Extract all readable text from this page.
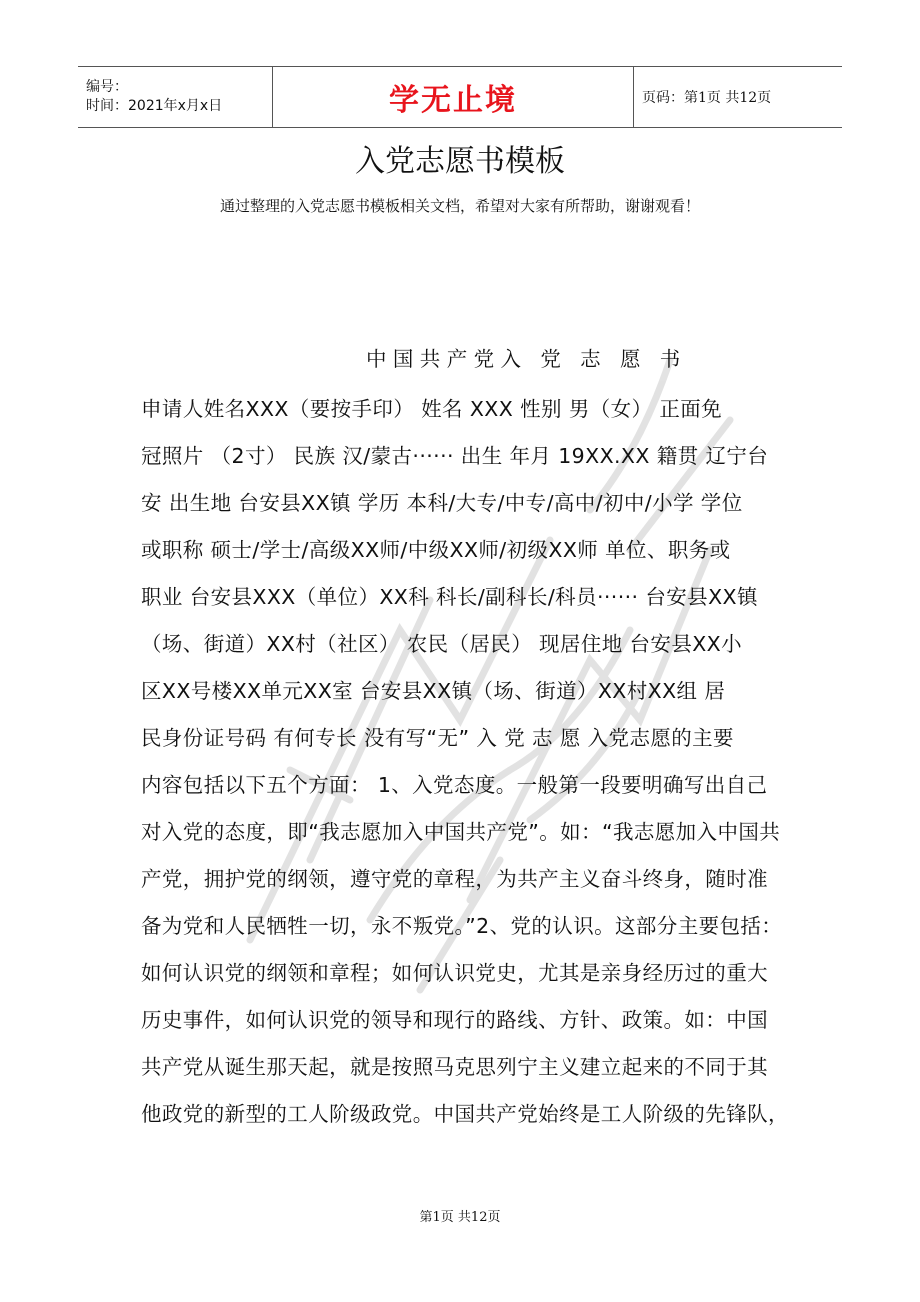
编号：
时间：2021年x月x日	学无止境	页码：第1页 共12页
入党志愿书模板
通过整理的入党志愿书模板相关文档，希望对大家有所帮助，谢谢观看！
中国共产党入 党 志 愿 书
申请人姓名XXX（要按手印） 姓名 XXX 性别 男（女） 正面免
冠照片 （2寸） 民族 汉/蒙古······ 出生 年月 19XX.XX 籍贯 辽宁台
安 出生地 台安县XX镇 学历 本科/大专/中专/高中/初中/小学 学位
或职称 硕士/学士/高级XX师/中级XX师/初级XX师 单位、职务或
职业 台安县XXX（单位）XX科 科长/副科长/科员······ 台安县XX镇
（场、街道）XX村（社区） 农民（居民） 现居住地 台安县XX小
区XX号楼XX单元XX室 台安县XX镇（场、街道）XX村XX组 居
民身份证号码 有何专长 没有写“无” 入 党 志 愿 入党志愿的主要
内容包括以下五个方面： 1、入党态度。一般第一段要明确写出自己
对入党的态度，即“我志愿加入中国共产党”。如：“我志愿加入中国共
产党，拥护党的纲领，遵守党的章程，为共产主义奋斗终身，随时准
备为党和人民牺牲一切，永不叛党。”2、党的认识。这部分主要包括：
如何认识党的纲领和章程；如何认识党史，尤其是亲身经历过的重大
历史事件，如何认识党的领导和现行的路线、方针、政策。如：中国
共产党从诞生那天起，就是按照马克思列宁主义建立起来的不同于其
他政党的新型的工人阶级政党。中国共产党始终是工人阶级的先锋队，
第1页 共12页
